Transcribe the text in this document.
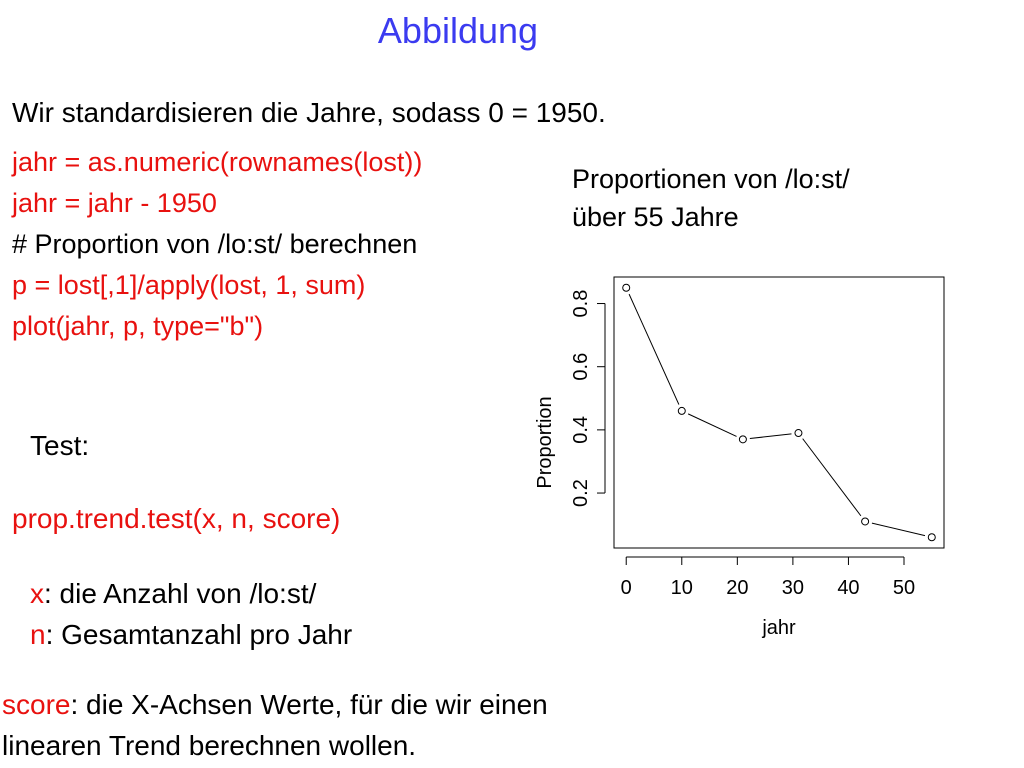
Abbildung
Wir standardisieren die Jahre, sodass 0 = 1950.
jahr = as.numeric(rownames(lost))
jahr = jahr - 1950
# Proportion von /lo:st/ berechnen
p = lost[,1]/apply(lost, 1, sum)
plot(jahr, p, type="b")
Test:
prop.trend.test(x, n, score)
x: die Anzahl von /lo:st/
n: Gesamtanzahl pro Jahr
score: die X-Achsen Werte, für die wir einen
linearen Trend berechnen wollen.
Proportionen von /lo:st/
über 55 Jahre
0 10 20 30 40 50
jahr
0.2
0.4
0.6
0.8
Proportion
